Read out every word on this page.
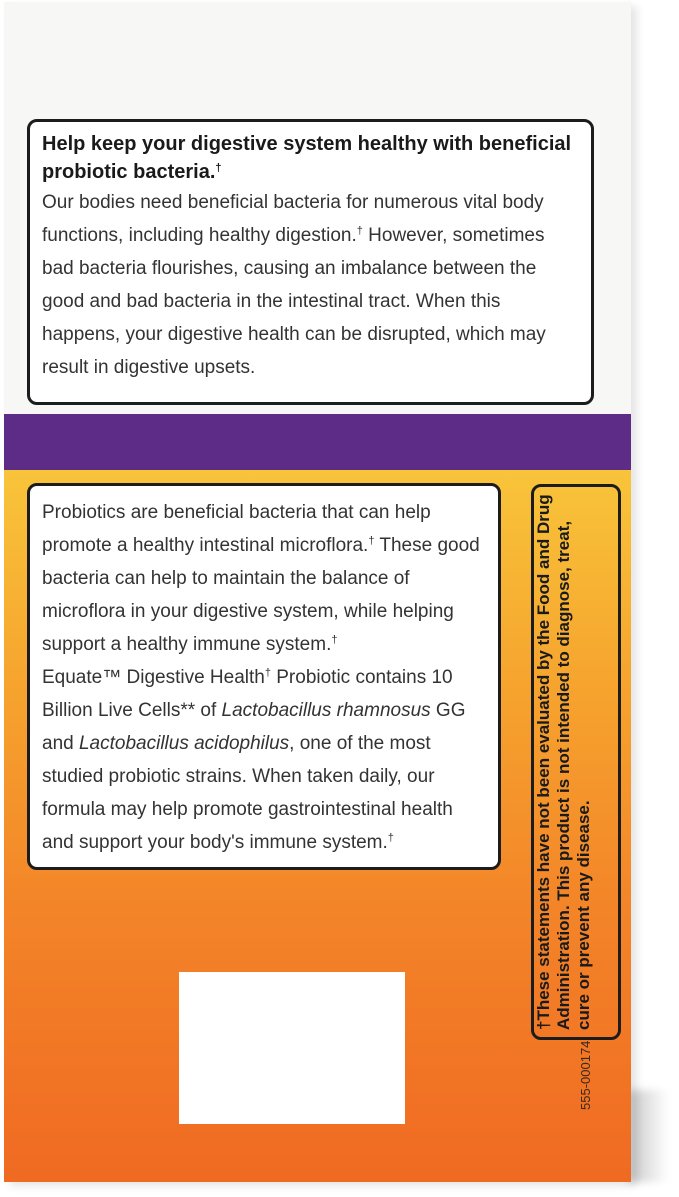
Help keep your digestive system healthy with beneficial probiotic bacteria.†
Our bodies need beneficial bacteria for numerous vital body functions, including healthy digestion.† However, sometimes bad bacteria flourishes, causing an imbalance between the good and bad bacteria in the intestinal tract. When this happens, your digestive health can be disrupted, which may result in digestive upsets.
Probiotics are beneficial bacteria that can help promote a healthy intestinal microflora.† These good bacteria can help to maintain the balance of microflora in your digestive system, while helping support a healthy immune system.†
Equate™ Digestive Health† Probiotic contains 10 Billion Live Cells** of Lactobacillus rhamnosus GG and Lactobacillus acidophilus, one of the most studied probiotic strains. When taken daily, our formula may help promote gastrointestinal health and support your body's immune system.†	†These statements have not been evaluated by the Food and Drug Administration. This product is not intended to diagnose, treat, cure or prevent any disease.
555-000174
